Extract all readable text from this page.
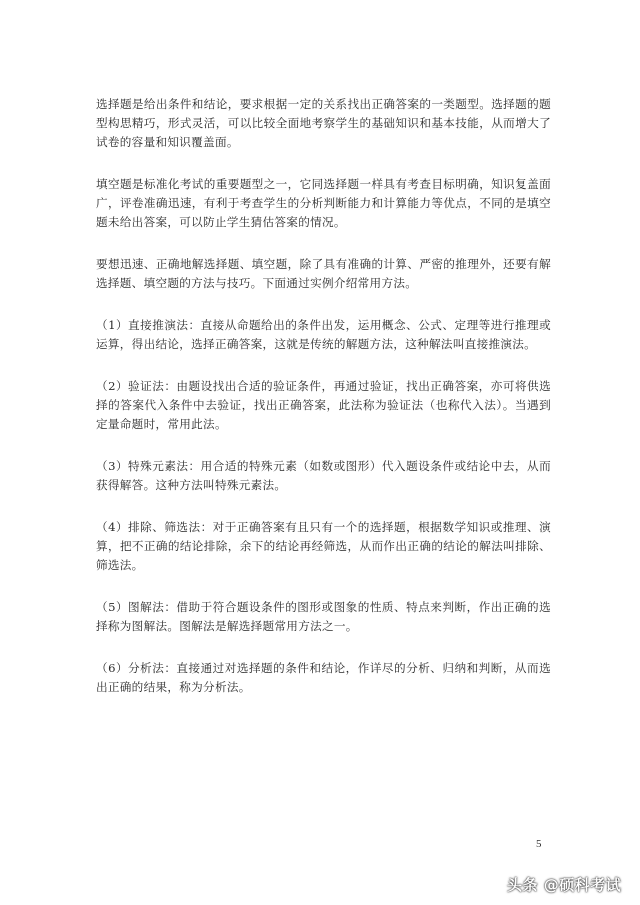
选择题是给出条件和结论，要求根据一定的关系找出正确答案的一类题型。选择题的题型构思精巧，形式灵活，可以比较全面地考察学生的基础知识和基本技能，从而增大了试卷的容量和知识覆盖面。

填空题是标准化考试的重要题型之一，它同选择题一样具有考查目标明确，知识复盖面广，评卷准确迅速，有利于考查学生的分析判断能力和计算能力等优点，不同的是填空题未给出答案，可以防止学生猜估答案的情况。

要想迅速、正确地解选择题、填空题，除了具有准确的计算、严密的推理外，还要有解选择题、填空题的方法与技巧。下面通过实例介绍常用方法。

（1）直接推演法：直接从命题给出的条件出发，运用概念、公式、定理等进行推理或运算，得出结论，选择正确答案，这就是传统的解题方法，这种解法叫直接推演法。

（2）验证法：由题设找出合适的验证条件，再通过验证，找出正确答案，亦可将供选择的答案代入条件中去验证，找出正确答案，此法称为验证法（也称代入法）。当遇到定量命题时，常用此法。

（3）特殊元素法：用合适的特殊元素（如数或图形）代入题设条件或结论中去，从而获得解答。这种方法叫特殊元素法。

（4）排除、筛选法：对于正确答案有且只有一个的选择题，根据数学知识或推理、演算，把不正确的结论排除，余下的结论再经筛选，从而作出正确的结论的解法叫排除、筛选法。

（5）图解法：借助于符合题设条件的图形或图象的性质、特点来判断，作出正确的选择称为图解法。图解法是解选择题常用方法之一。

（6）分析法：直接通过对选择题的条件和结论，作详尽的分析、归纳和判断，从而选出正确的结果，称为分析法。

5
头条 @硕科考试
